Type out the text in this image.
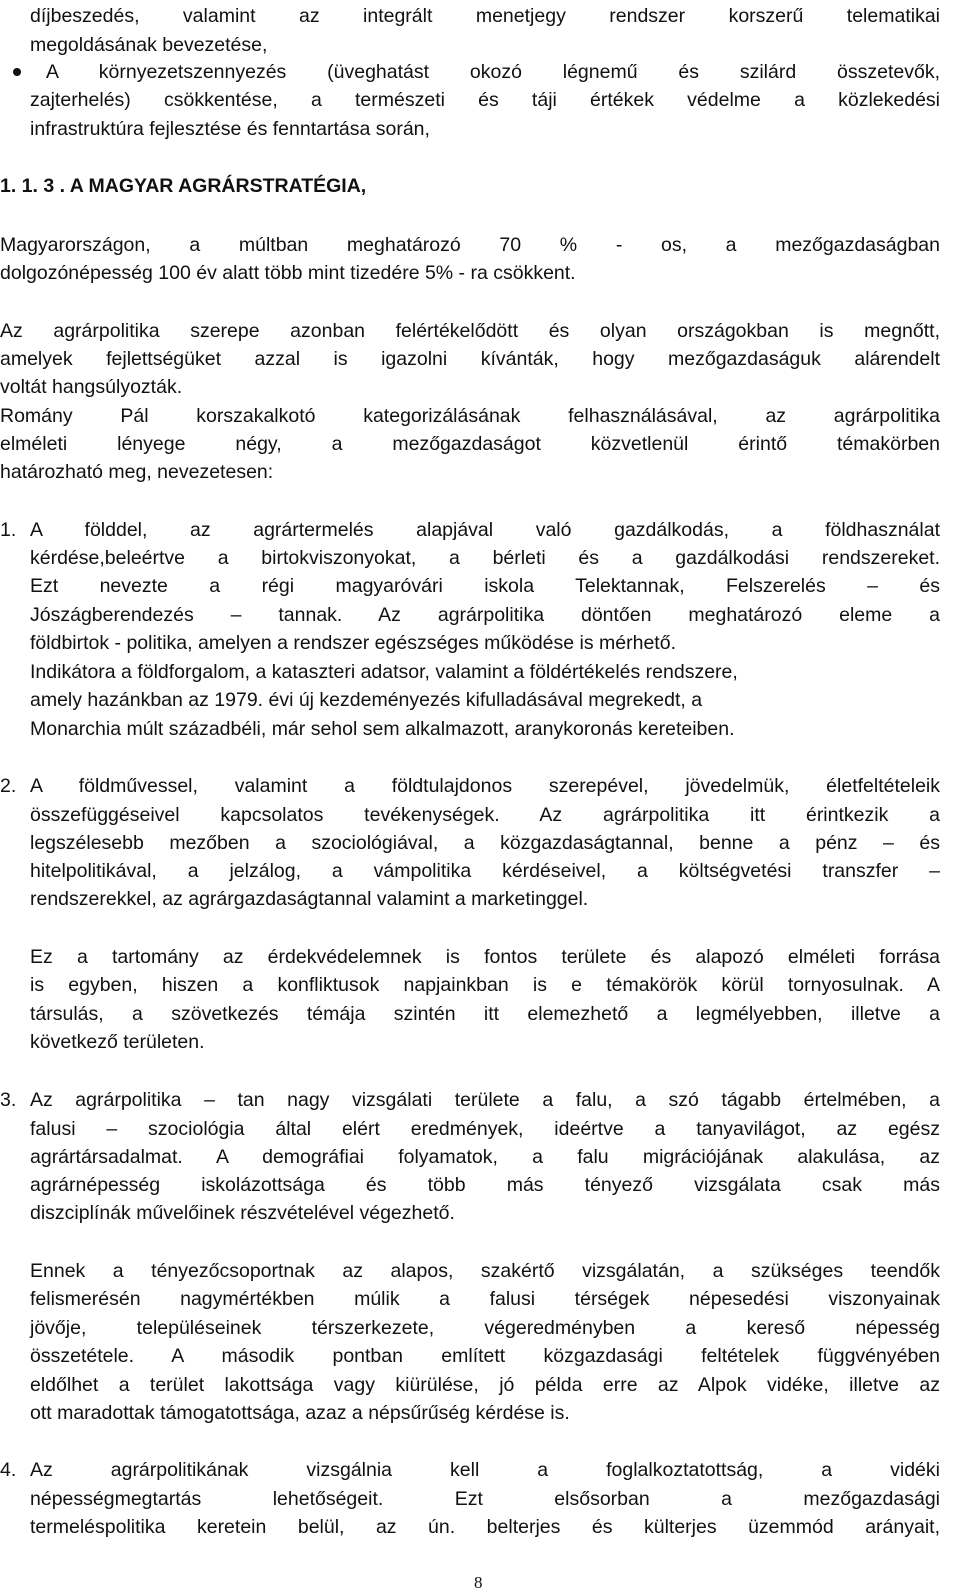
díjbeszedés, valamint az integrált menetjegy rendszer korszerű telematikai
megoldásának bevezetése,
A környezetszennyezés (üveghatást okozó légnemű és szilárd összetevők,
zajterhelés) csökkentése, a természeti és táji értékek védelme a közlekedési
infrastruktúra fejlesztése és fenntartása során,
1. 1. 3 . A MAGYAR AGRÁRSTRATÉGIA,
Magyarországon, a múltban meghatározó 70 % - os, a mezőgazdaságban
dolgozónépesség 100 év alatt több mint tizedére 5% - ra csökkent.
Az agrárpolitika szerepe azonban felértékelődött és olyan országokban is megnőtt,
amelyek fejlettségüket azzal is igazolni kívánták, hogy mezőgazdaságuk alárendelt
voltát hangsúlyozták.
Romány Pál korszakalkotó kategorizálásának felhasználásával, az agrárpolitika
elméleti lényege négy, a mezőgazdaságot közvetlenül érintő témakörben
határozható meg, nevezetesen:
1. A földdel, az agrártermelés alapjával való gazdálkodás, a földhasználat
kérdése,beleértve a birtokviszonyokat, a bérleti és a gazdálkodási rendszereket.
Ezt nevezte a régi magyaróvári iskola Telektannak, Felszerelés – és
Jószágberendezés – tannak. Az agrárpolitika döntően meghatározó eleme a
földbirtok - politika, amelyen a rendszer egészséges működése is mérhető.
Indikátora a földforgalom, a kataszteri adatsor, valamint a földértékelés rendszere,
amely hazánkban az 1979. évi új kezdeményezés kifulladásával megrekedt, a
Monarchia múlt századbéli, már sehol sem alkalmazott, aranykoronás kereteiben.
2. A földművessel, valamint a földtulajdonos szerepével, jövedelmük, életfeltételeik
összefüggéseivel kapcsolatos tevékenységek. Az agrárpolitika itt érintkezik a
legszélesebb mezőben a szociológiával, a közgazdaságtannal, benne a pénz – és
hitelpolitikával, a jelzálog, a vámpolitika kérdéseivel, a költségvetési transzfer –
rendszerekkel, az agrárgazdaságtannal valamint a marketinggel.
Ez a tartomány az érdekvédelemnek is fontos területe és alapozó elméleti forrása
is egyben, hiszen a konfliktusok napjainkban is e témakörök körül tornyosulnak. A
társulás, a szövetkezés témája szintén itt elemezhető a legmélyebben, illetve a
következő területen.
3. Az agrárpolitika – tan nagy vizsgálati területe a falu, a szó tágabb értelmében, a
falusi – szociológia által elért eredmények, ideértve a tanyavilágot, az egész
agrártársadalmat. A demográfiai folyamatok, a falu migrációjának alakulása, az
agrárnépesség iskolázottsága és több más tényező vizsgálata csak más
diszciplínák művelőinek részvételével végezhető.
Ennek a tényezőcsoportnak az alapos, szakértő vizsgálatán, a szükséges teendők
felismerésén nagymértékben múlik a falusi térségek népesedési viszonyainak
jövője, településeinek térszerkezete, végeredményben a kereső népesség
összetétele. A második pontban említett közgazdasági feltételek függvényében
eldőlhet a terület lakottsága vagy kiürülése, jó példa erre az Alpok vidéke, illetve az
ott maradottak támogatottsága, azaz a népsűrűség kérdése is.
4. Az agrárpolitikának vizsgálnia kell a foglalkoztatottság, a vidéki
népességmegtartás lehetőségeit. Ezt elsősorban a mezőgazdasági
termeléspolitika keretein belül, az ún. belterjes és külterjes üzemmód arányait,
8
